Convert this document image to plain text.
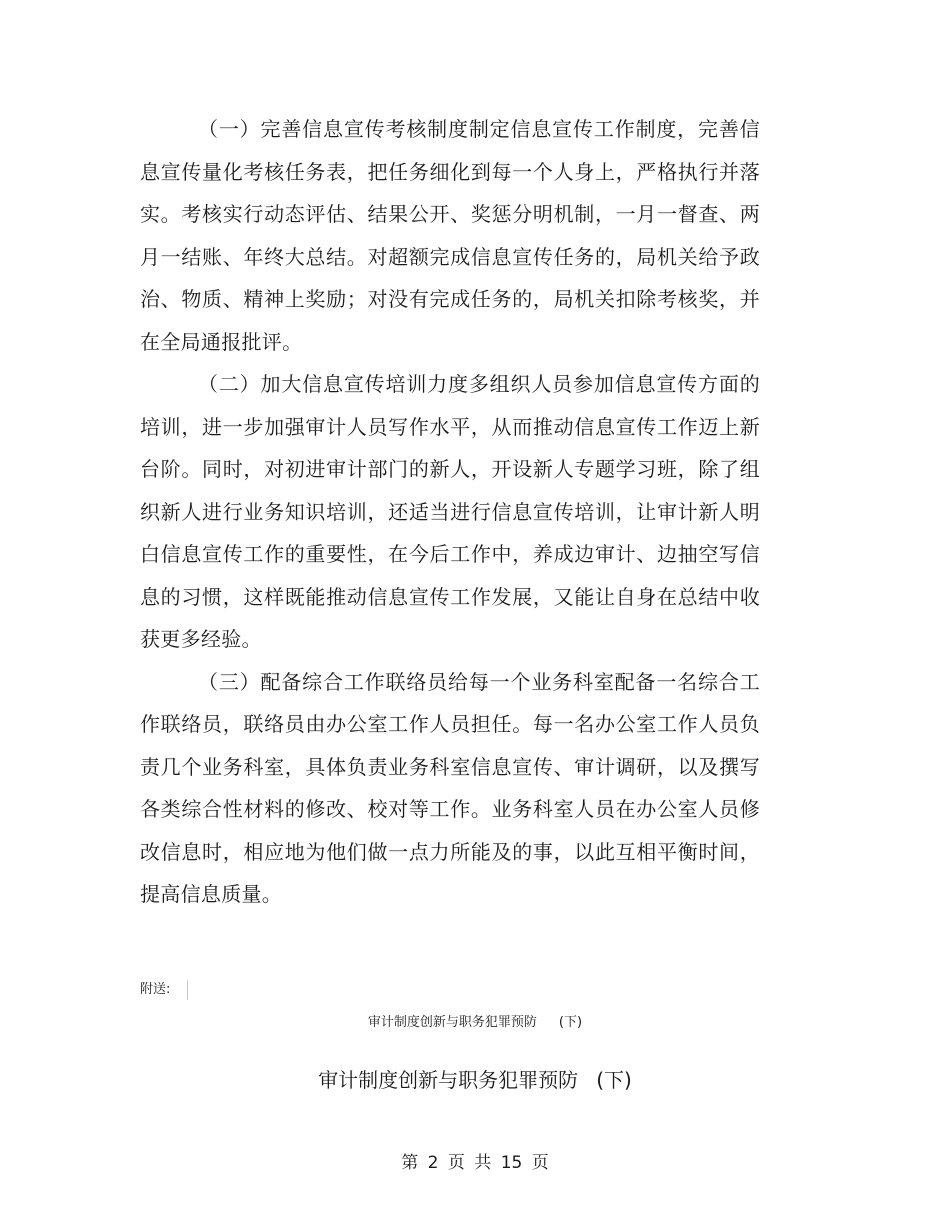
（一）完善信息宣传考核制度制定信息宣传工作制度，完善信息宣传量化考核任务表，把任务细化到每一个人身上，严格执行并落实。考核实行动态评估、结果公开、奖惩分明机制，一月一督查、两月一结账、年终大总结。对超额完成信息宣传任务的，局机关给予政治、物质、精神上奖励；对没有完成任务的，局机关扣除考核奖，并在全局通报批评。

（二）加大信息宣传培训力度多组织人员参加信息宣传方面的培训，进一步加强审计人员写作水平，从而推动信息宣传工作迈上新台阶。同时，对初进审计部门的新人，开设新人专题学习班，除了组织新人进行业务知识培训，还适当进行信息宣传培训，让审计新人明白信息宣传工作的重要性，在今后工作中，养成边审计、边抽空写信息的习惯，这样既能推动信息宣传工作发展，又能让自身在总结中收获更多经验。

（三）配备综合工作联络员给每一个业务科室配备一名综合工作联络员，联络员由办公室工作人员担任。每一名办公室工作人员负责几个业务科室，具体负责业务科室信息宣传、审计调研，以及撰写各类综合性材料的修改、校对等工作。业务科室人员在办公室人员修改信息时，相应地为他们做一点力所能及的事，以此互相平衡时间，提高信息质量。

附送:
审计制度创新与职务犯罪预防 (下)
审计制度创新与职务犯罪预防 (下)
第 2 页 共 15 页
